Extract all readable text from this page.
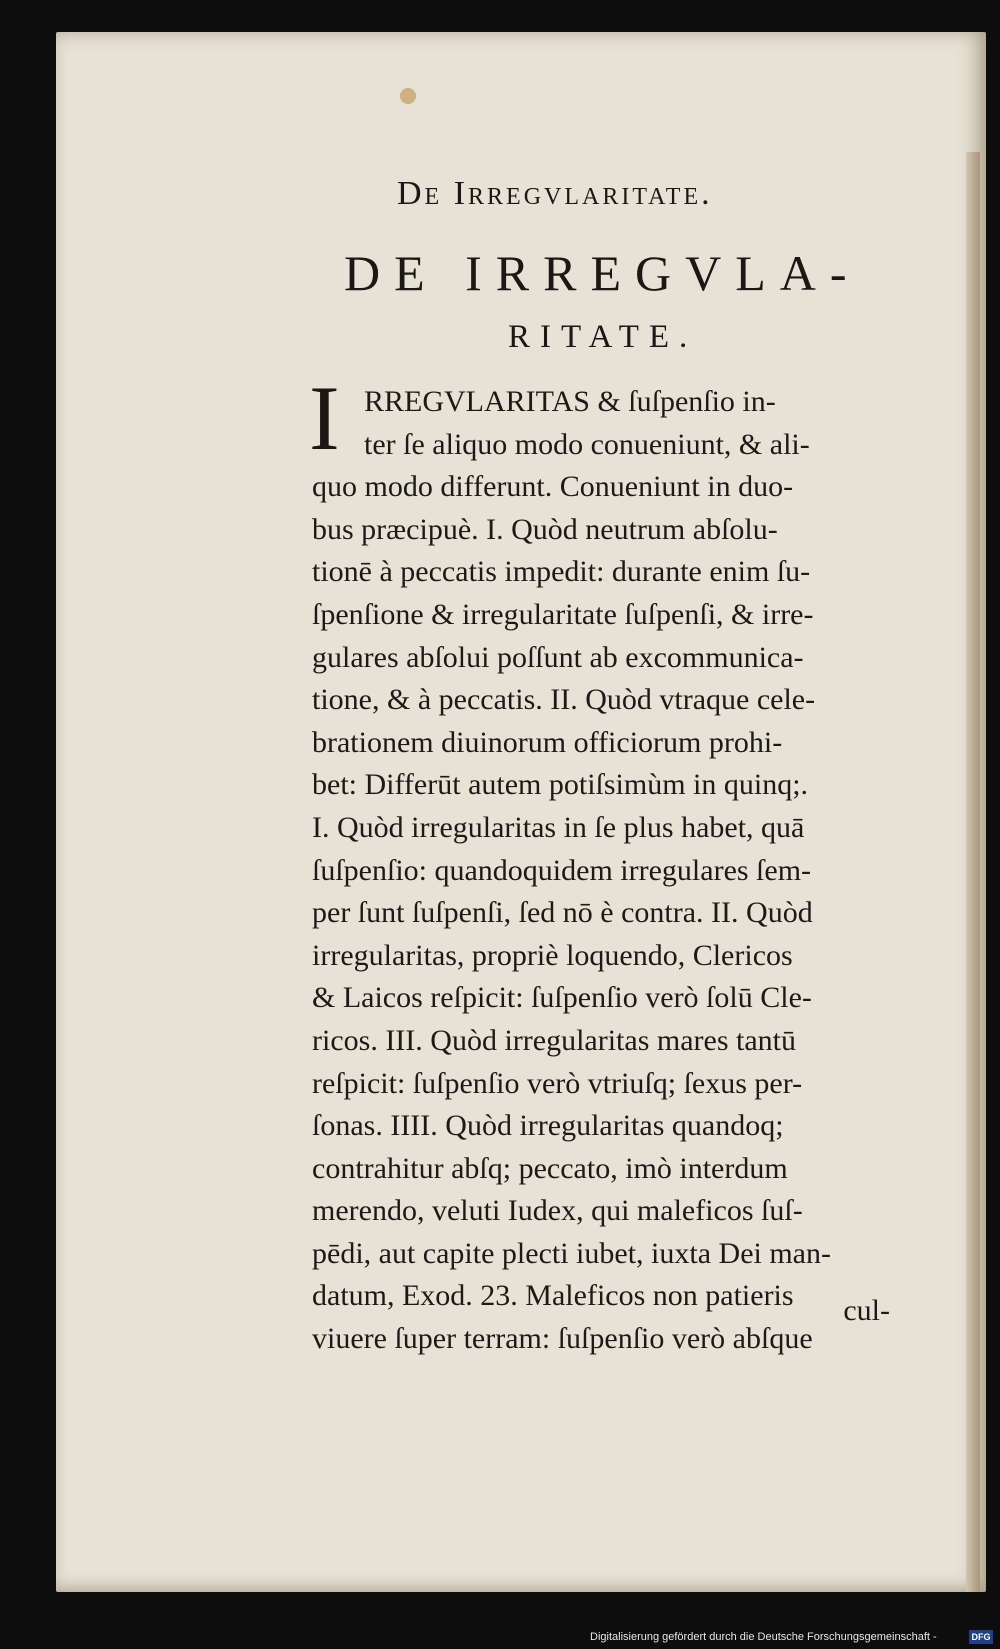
De Irregvlaritate.
DE IRREGVLA-
RITATE.
I RREGVLARITAS & ſuſpenſio in-
ter ſe aliquo modo conueniunt, & ali-
quo modo differunt. Conueniunt in duo-
bus præcipuè. I. Quòd neutrum abſolu-
tionē à peccatis impedit: durante enim ſu-
ſpenſione & irregularitate ſuſpenſi, & irre-
gulares abſolui poſſunt ab excommunica-
tione, & à peccatis. II. Quòd vtraque cele-
brationem diuinorum officiorum prohi-
bet: Differūt autem potiſsimùm in quinq;.
I. Quòd irregularitas in ſe plus habet, quā
ſuſpenſio: quandoquidem irregulares ſem-
per ſunt ſuſpenſi, ſed nō è contra. II. Quòd
irregularitas, propriè loquendo, Clericos
& Laicos reſpicit: ſuſpenſio verò ſolū Cle-
ricos. III. Quòd irregularitas mares tantū
reſpicit: ſuſpenſio verò vtriuſq; ſexus per-
ſonas. IIII. Quòd irregularitas quandoq;
contrahitur abſq; peccato, imò interdum
merendo, veluti Iudex, qui maleficos ſuſ-
pēdi, aut capite plecti iubet, iuxta Dei man-
datum, Exod. 23. Maleficos non patieris
viuere ſuper terram: ſuſpenſio verò abſque
cul-
Digitalisierung gefördert durch die Deutsche Forschungsgemeinschaft -	DFG
